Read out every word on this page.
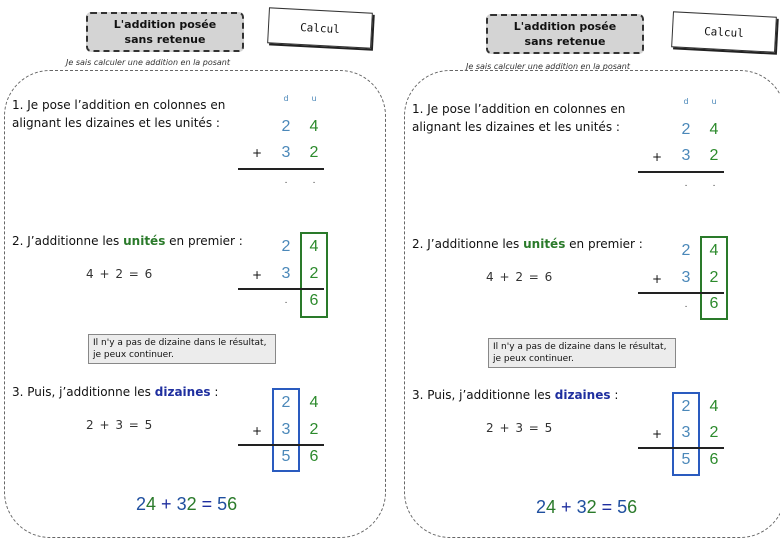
L'addition posée
sans retenue
Calcul
Je sais calculer une addition en la posant
1. Je pose l’addition en colonnes en alignant les dizaines et les unités :
d	u
2	4
+	3	2
.	.
2. J’additionne les unités en premier :
4 + 2 = 6
2	4
+	3	2
.	6
Il n'y a pas de dizaine dans le résultat, je peux continuer.
3. Puis, j’additionne les dizaines :
2 + 3 = 5
2	4
+	3	2
5	6
24 + 32 = 56
L'addition posée
sans retenue
Calcul
Je sais calculer une addition en la posant
1. Je pose l’addition en colonnes en alignant les dizaines et les unités :
d	u
2	4
+	3	2
.	.
2. J’additionne les unités en premier :
4 + 2 = 6
2	4
+	3	2
.	6
Il n'y a pas de dizaine dans le résultat, je peux continuer.
3. Puis, j’additionne les dizaines :
2 + 3 = 5
2	4
+	3	2
5	6
24 + 32 = 56
